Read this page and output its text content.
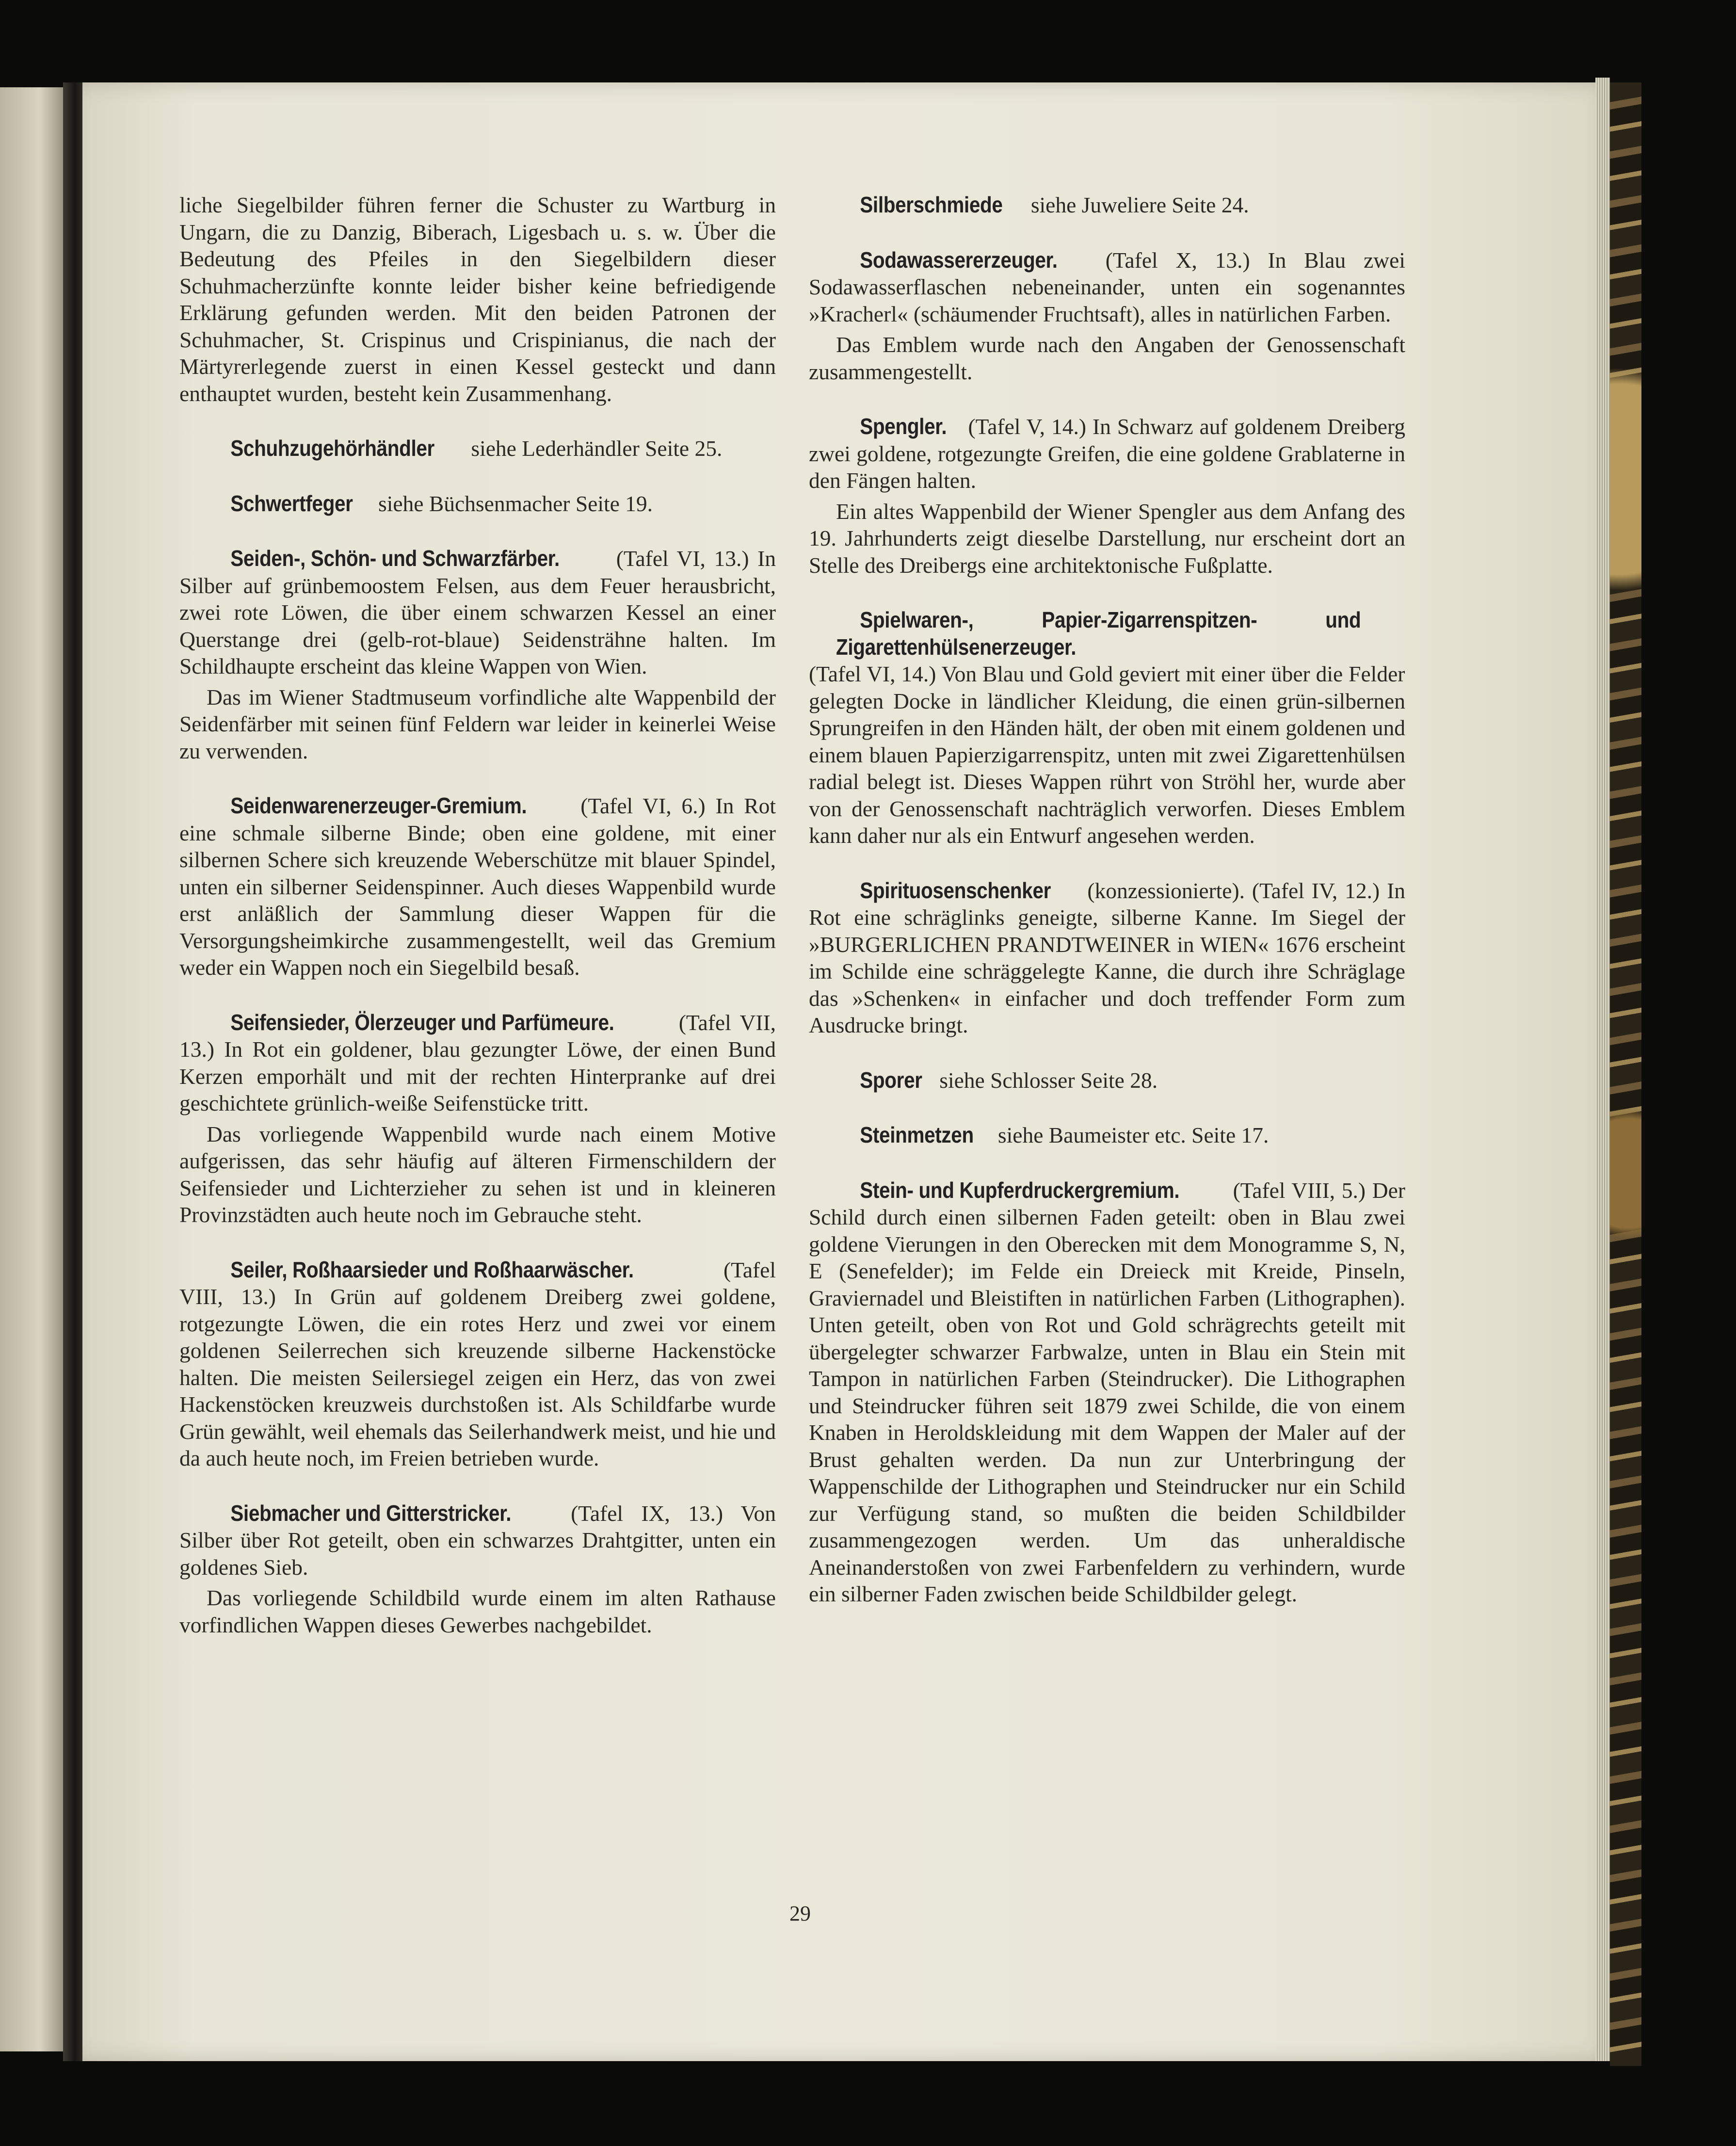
liche Siegelbilder führen ferner die Schuster zu Wartburg in Ungarn, die zu Danzig, Biberach, Ligesbach u. s. w. Über die Bedeutung des Pfeiles in den Siegelbildern dieser Schuhmacherzünfte konnte leider bisher keine befriedigende Erklärung gefunden werden. Mit den beiden Patronen der Schuhmacher, St. Crispinus und Crispinianus, die nach der Märtyrerlegende zuerst in einen Kessel gesteckt und dann enthauptet wurden, besteht kein Zusammenhang.

Schuhzugehörhändler siehe Lederhändler Seite 25.

Schwertfeger siehe Büchsenmacher Seite 19.

Seiden-, Schön- und Schwarzfärber. (Tafel VI, 13.) In Silber auf grünbemoostem Felsen, aus dem Feuer herausbricht, zwei rote Löwen, die über einem schwarzen Kessel an einer Querstange drei (gelb-rot-blaue) Seidensträhne halten. Im Schildhaupte erscheint das kleine Wappen von Wien.

Das im Wiener Stadtmuseum vorfindliche alte Wappenbild der Seidenfärber mit seinen fünf Feldern war leider in keinerlei Weise zu verwenden.

Seidenwarenerzeuger-Gremium. (Tafel VI, 6.) In Rot eine schmale silberne Binde; oben eine goldene, mit einer silbernen Schere sich kreuzende Weberschütze mit blauer Spindel, unten ein silberner Seidenspinner. Auch dieses Wappenbild wurde erst anläßlich der Sammlung dieser Wappen für die Versorgungsheimkirche zusammengestellt, weil das Gremium weder ein Wappen noch ein Siegelbild besaß.

Seifensieder, Ölerzeuger und Parfümeure.	(Tafel VII, 13.) In Rot ein goldener, blau gezungter Löwe, der einen Bund Kerzen emporhält und mit der rechten Hinterpranke auf drei geschichtete grünlich-weiße Seifenstücke tritt.

Das vorliegende Wappenbild wurde nach einem Motive aufgerissen, das sehr häufig auf älteren Firmenschildern der Seifensieder und Lichterzieher zu sehen ist und in kleineren Provinzstädten auch heute noch im Gebrauche steht.

Seiler, Roßhaarsieder und Roßhaarwäscher.	(Tafel VIII, 13.) In Grün auf goldenem Dreiberg zwei goldene, rotgezungte Löwen, die ein rotes Herz und zwei vor einem goldenen Seilerrechen sich kreuzende silberne Hackenstöcke halten. Die meisten Seilersiegel zeigen ein Herz, das von zwei Hackenstöcken kreuzweis durchstoßen ist. Als Schildfarbe wurde Grün gewählt, weil ehemals das Seilerhandwerk meist, und hie und da auch heute noch, im Freien betrieben wurde.

Siebmacher und Gitterstricker. (Tafel IX, 13.) Von Silber über Rot geteilt, oben ein schwarzes Drahtgitter, unten ein goldenes Sieb.

Das vorliegende Schildbild wurde einem im alten Rathause vorfindlichen Wappen dieses Gewerbes nachgebildet.

Silberschmiede siehe Juweliere Seite 24.

Sodawassererzeuger. (Tafel X, 13.) In Blau zwei Sodawasserflaschen nebeneinander, unten ein sogenanntes »Kracherl« (schäumender Fruchtsaft), alles in natürlichen Farben.

Das Emblem wurde nach den Angaben der Genossenschaft zusammengestellt.

Spengler. (Tafel V, 14.) In Schwarz auf goldenem Dreiberg zwei goldene, rotgezungte Greifen, die eine goldene Grablaterne in den Fängen halten.

Ein altes Wappenbild der Wiener Spengler aus dem Anfang des 19. Jahrhunderts zeigt dieselbe Darstellung, nur erscheint dort an Stelle des Dreibergs eine architektonische Fußplatte.

Spielwaren-, Papier-Zigarrenspitzen- und Zigarettenhülsenerzeuger. (Tafel VI, 14.) Von Blau und Gold geviert mit einer über die Felder gelegten Docke in ländlicher Kleidung, die einen grün-silbernen Sprungreifen in den Händen hält, der oben mit einem goldenen und einem blauen Papierzigarrenspitz, unten mit zwei Zigarettenhülsen radial belegt ist. Dieses Wappen rührt von Ströhl her, wurde aber von der Genossenschaft nachträglich verworfen. Dieses Emblem kann daher nur als ein Entwurf angesehen werden.

Spirituosenschenker (konzessionierte). (Tafel IV, 12.) In Rot eine schräglinks geneigte, silberne Kanne. Im Siegel der »BURGERLICHEN PRANDTWEINER in WIEN« 1676 erscheint im Schilde eine schräggelegte Kanne, die durch ihre Schräglage das »Schenken« in einfacher und doch treffender Form zum Ausdrucke bringt.

Sporer siehe Schlosser Seite 28.

Steinmetzen siehe Baumeister etc. Seite 17.

Stein- und Kupferdruckergremium. (Tafel VIII, 5.) Der Schild durch einen silbernen Faden geteilt: oben in Blau zwei goldene Vierungen in den Oberecken mit dem Monogramme S, N, E (Senefelder); im Felde ein Dreieck mit Kreide, Pinseln, Graviernadel und Bleistiften in natürlichen Farben (Lithographen). Unten geteilt, oben von Rot und Gold schrägrechts geteilt mit übergelegter schwarzer Farbwalze, unten in Blau ein Stein mit Tampon in natürlichen Farben (Steindrucker). Die Lithographen und Steindrucker führen seit 1879 zwei Schilde, die von einem Knaben in Heroldskleidung mit dem Wappen der Maler auf der Brust gehalten werden. Da nun zur Unterbringung der Wappenschilde der Lithographen und Steindrucker nur ein Schild zur Verfügung stand, so mußten die beiden Schildbilder zusammengezogen werden. Um das unheraldische Aneinanderstoßen von zwei Farbenfeldern zu verhindern, wurde ein silberner Faden zwischen beide Schildbilder gelegt.

29
